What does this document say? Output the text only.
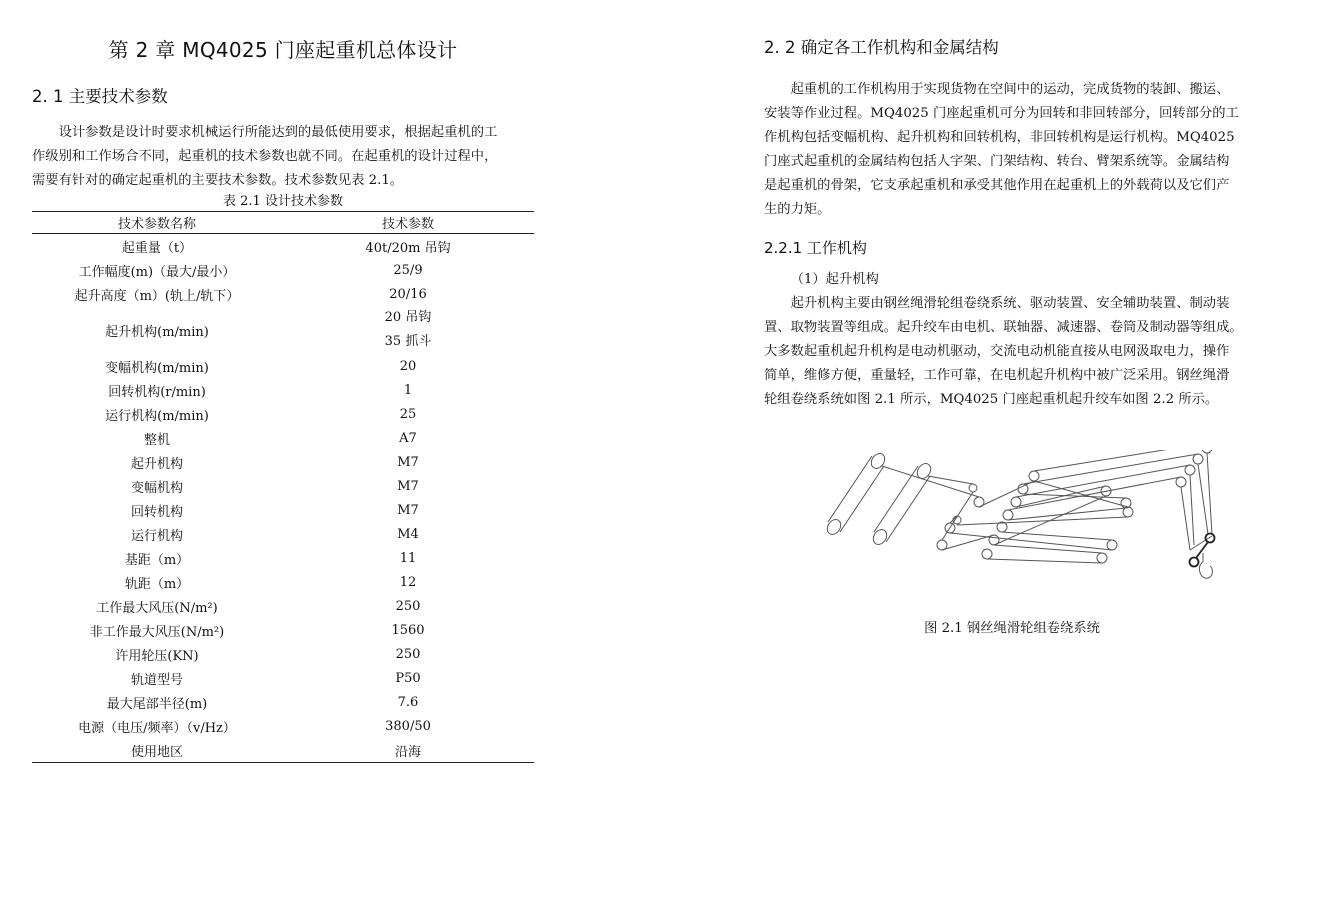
第 2 章 MQ4025 门座起重机总体设计
2. 1 主要技术参数

设计参数是设计时要求机械运行所能达到的最低使用要求，根据起重机的工

作级别和工作场合不同，起重机的技术参数也就不同。在起重机的设计过程中，

需要有针对的确定起重机的主要技术参数。技术参数见表 2.1。

表 2.1 设计技术参数
技术参数名称	技术参数
起重量（t）	40t/20m 吊钩
工作幅度(m)（最大/最小）	25/9
起升高度（m）(轨上/轨下）	20/16
起升机构(m/min)	20 吊钩
35 抓斗

变幅机构(m/min)	20
回转机构(r/min)	1
运行机构(m/min)	25
整机	A7
起升机构	M7
变幅机构	M7
回转机构	M7
运行机构	M4
基距（m）	11
轨距（m）	12
工作最大风压(N/m²)	250
非工作最大风压(N/m²)	1560
许用轮压(KN)	250
轨道型号	P50
最大尾部半径(m)	7.6
电源（电压/频率）（v/Hz）	380/50
使用地区	沿海
2. 2 确定各工作机构和金属结构

起重机的工作机构用于实现货物在空间中的运动，完成货物的装卸、搬运、

安装等作业过程。MQ4025 门座起重机可分为回转和非回转部分，回转部分的工

作机构包括变幅机构、起升机构和回转机构，非回转机构是运行机构。MQ4025

门座式起重机的金属结构包括人字架、门架结构、转台、臂架系统等。金属结构

是起重机的骨架，它支承起重机和承受其他作用在起重机上的外载荷以及它们产

生的力矩。

2.2.1 工作机构
（1）起升机构

起升机构主要由钢丝绳滑轮组卷绕系统、驱动装置、安全辅助装置、制动装

置、取物装置等组成。起升绞车由电机、联轴器、减速器、卷筒及制动器等组成。

大多数起重机起升机构是电动机驱动，交流电动机能直接从电网汲取电力，操作

简单，维修方便，重量轻，工作可靠，在电机起升机构中被广泛采用。钢丝绳滑

轮组卷绕系统如图 2.1 所示，MQ4025 门座起重机起升绞车如图 2.2 所示。

图 2.1 钢丝绳滑轮组卷绕系统
